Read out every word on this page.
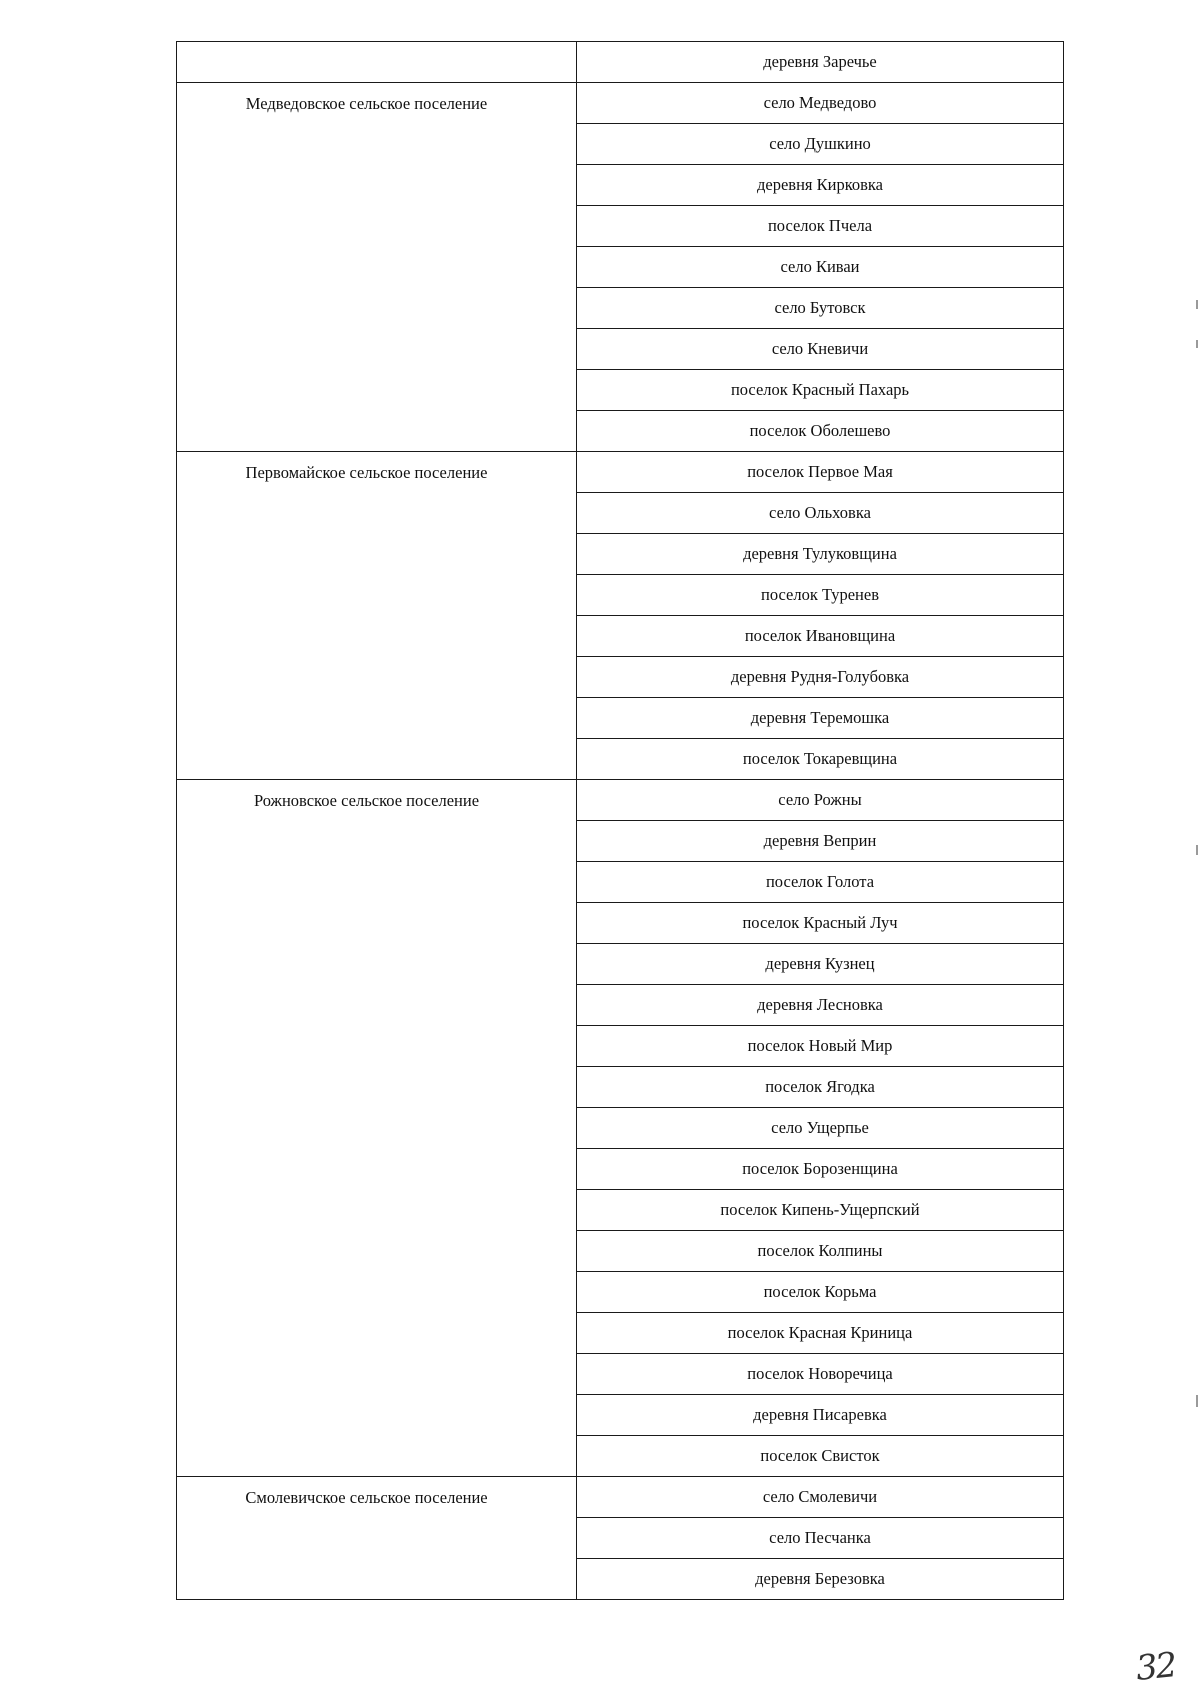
	деревня Заречье
Медведовское сельское поселение	село Медведово
	село Душкино
	деревня Кирковка
	поселок Пчела
	село Киваи
	село Бутовск
	село Кневичи
	поселок Красный Пахарь
	поселок Оболешево
Первомайское сельское поселение	поселок Первое Мая
	село Ольховка
	деревня Тулуковщина
	поселок Туренев
	поселок Ивановщина
	деревня Рудня-Голубовка
	деревня Теремошка
	поселок Токаревщина
Рожновское сельское поселение	село Рожны
	деревня Веприн
	поселок Голота
	поселок Красный Луч
	деревня Кузнец
	деревня Лесновка
	поселок Новый Мир
	поселок Ягодка
	село Ущерпье
	поселок Борозенщина
	поселок Кипень-Ущерпский
	поселок Колпины
	поселок Корьма
	поселок Красная Криница
	поселок Новоречица
	деревня Писаревка
	поселок Свисток
Смолевичское сельское поселение	село Смолевичи
	село Песчанка
	деревня Березовка
32
